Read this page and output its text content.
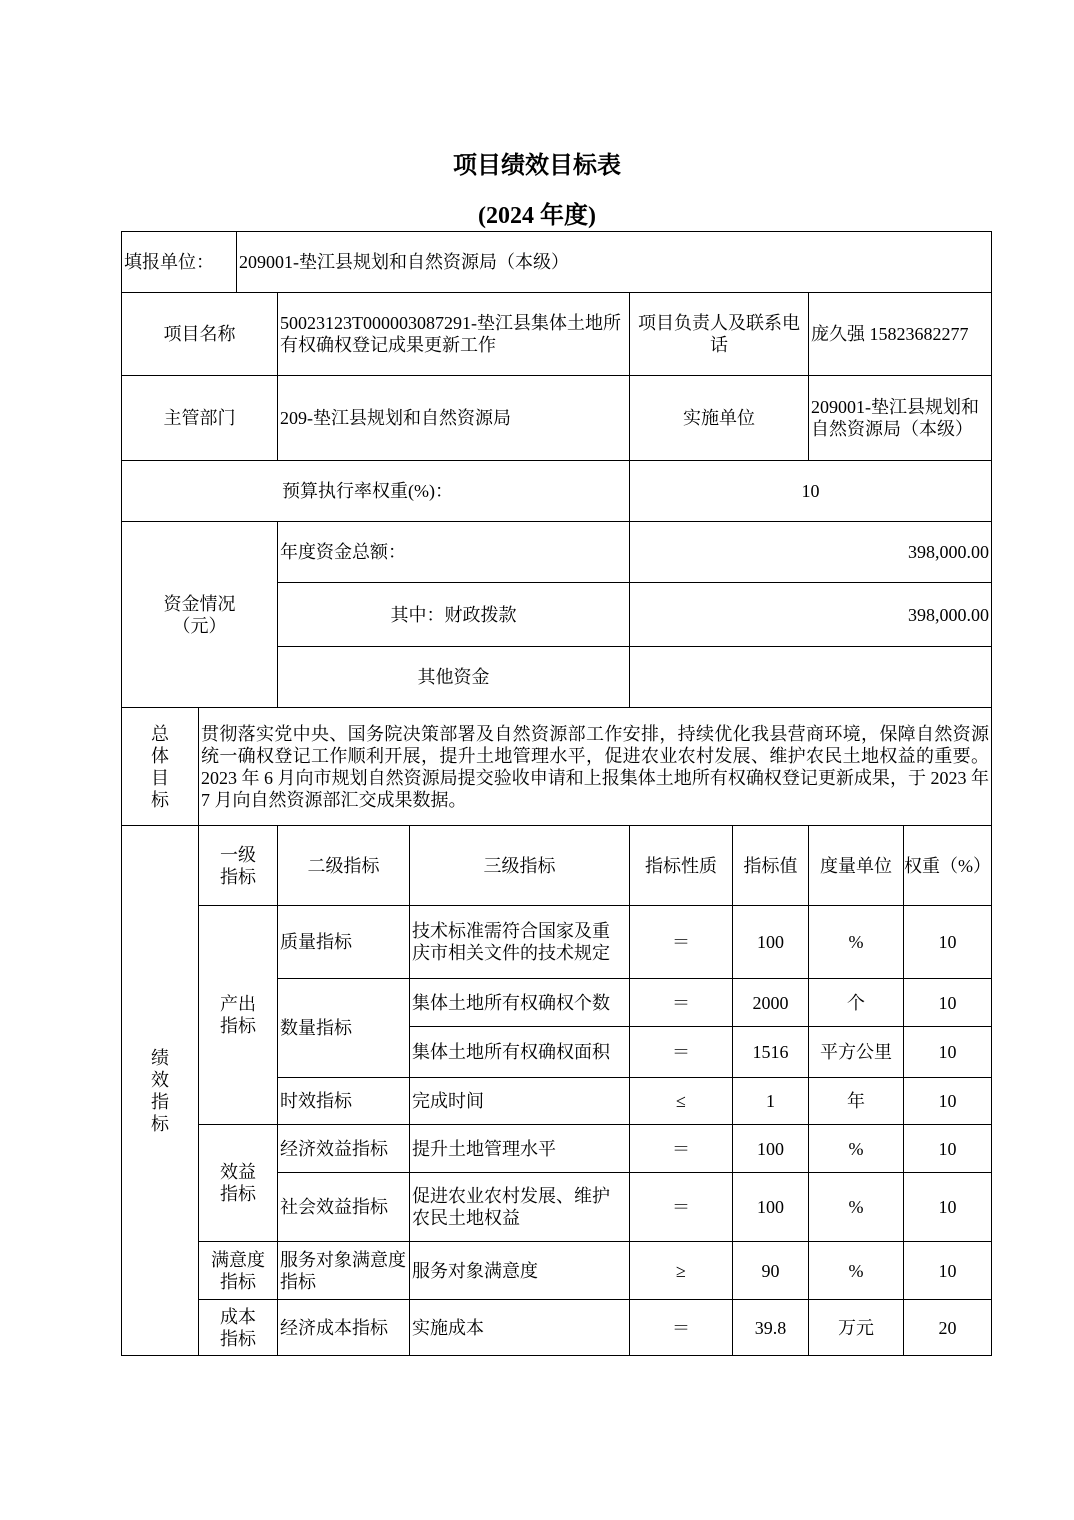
项目绩效目标表
(2024 年度)
填报单位：		209001-垫江县规划和自然资源局（本级）						
项目名称			50023123T000003087291-垫江县集体土地所有权确权登记成果更新工作		项目负责人及联系电话		庞久强 15823682277	
主管部门			209-垫江县规划和自然资源局		实施单位		209001-垫江县规划和自然资源局（本级）	
预算执行率权重(%)：					10			
资金情况（元）			年度资金总额：		398,000.00			
			其中：财政拨款		398,000.00			
			其他资金					
总体目标	贯彻落实党中央、国务院决策部署及自然资源部工作安排，持续优化我县营商环境，保障自然资源统一确权登记工作顺利开展，提升土地管理水平，促进农业农村发展、维护农民土地权益的重要。2023 年 6 月向市规划自然资源局提交验收申请和上报集体土地所有权确权登记更新成果，于 2023 年 7 月向自然资源部汇交成果数据。							
绩效指标	一级指标		二级指标	三级指标	指标性质	指标值	度量单位	权重（%）
	产出指标		质量指标	技术标准需符合国家及重庆市相关文件的技术规定	＝	100	%	10
			数量指标	集体土地所有权确权个数	＝	2000	个	10
				集体土地所有权确权面积	＝	1516	平方公里	10
			时效指标	完成时间	≤	1	年	10
	效益指标		经济效益指标	提升土地管理水平	＝	100	%	10
			社会效益指标	促进农业农村发展、维护农民土地权益	＝	100	%	10
	满意度指标		服务对象满意度指标	服务对象满意度	≥	90	%	10
	成本指标		经济成本指标	实施成本	＝	39.8	万元	20
